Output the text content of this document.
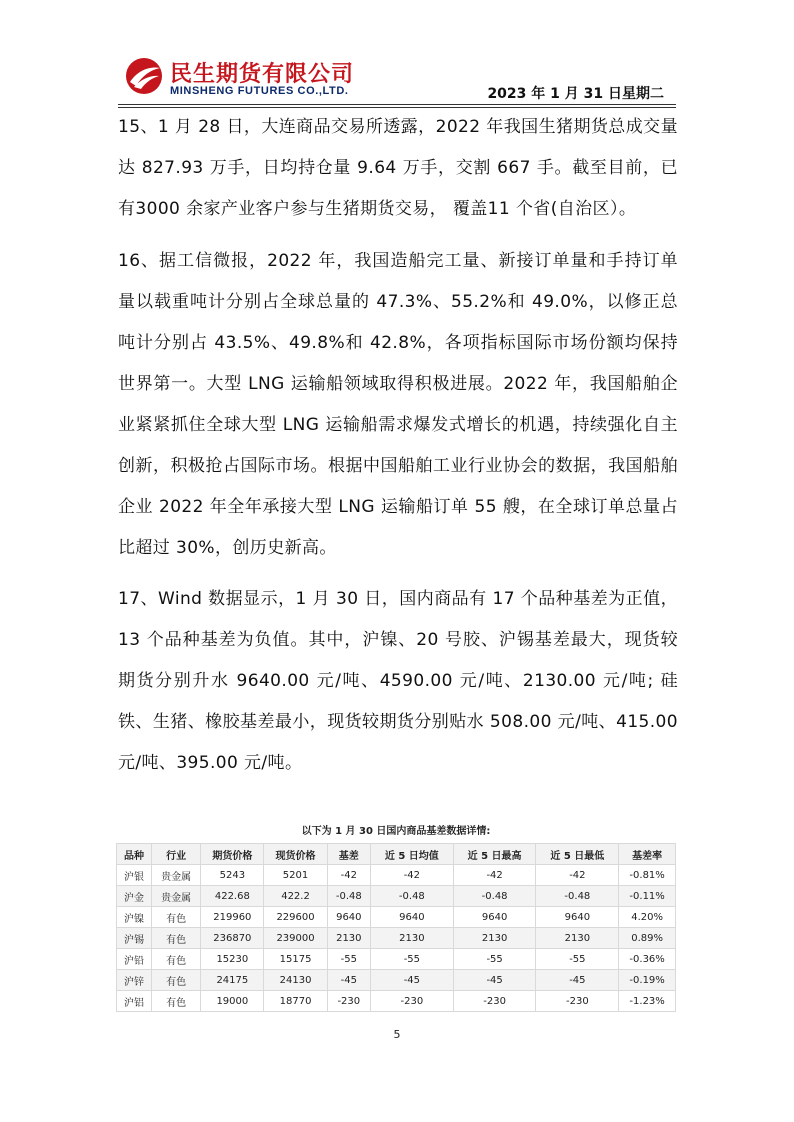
民生期货有限公司
MINSHENG FUTURES CO.,LTD.	2023 年 1 月 31 日星期二
15、1 月 28 日，大连商品交易所透露，2022 年我国生猪期货总成交量达 827.93 万手，日均持仓量 9.64 万手，交割 667 手。截至目前，已有3000 余家产业客户参与生猪期货交易， 覆盖11 个省(自治区）。
16、据工信微报，2022 年，我国造船完工量、新接订单量和手持订单量以载重吨计分别占全球总量的 47.3%、55.2%和 49.0%，以修正总吨计分别占 43.5%、49.8%和 42.8%，各项指标国际市场份额均保持世界第一。大型 LNG 运输船领域取得积极进展。2022 年，我国船舶企业紧紧抓住全球大型 LNG 运输船需求爆发式增长的机遇，持续强化自主创新，积极抢占国际市场。根据中国船舶工业行业协会的数据，我国船舶企业 2022 年全年承接大型 LNG 运输船订单 55 艘，在全球订单总量占比超过 30%，创历史新高。
17、Wind 数据显示，1 月 30 日，国内商品有 17 个品种基差为正值，13 个品种基差为负值。其中，沪镍、20 号胶、沪锡基差最大，现货较期货分别升水 9640.00 元/吨、4590.00 元/吨、2130.00 元/吨; 硅铁、生猪、橡胶基差最小，现货较期货分别贴水 508.00 元/吨、415.00 元/吨、395.00 元/吨。
以下为 1 月 30 日国内商品基差数据详情:
品种	行业	期货价格	现货价格	基差	近 5 日均值	近 5 日最高	近 5 日最低	基差率
沪银	贵金属	5243	5201	-42	-42	-42	-42	-0.81%
沪金	贵金属	422.68	422.2	-0.48	-0.48	-0.48	-0.48	-0.11%
沪镍	有色	219960	229600	9640	9640	9640	9640	4.20%
沪锡	有色	236870	239000	2130	2130	2130	2130	0.89%
沪铅	有色	15230	15175	-55	-55	-55	-55	-0.36%
沪锌	有色	24175	24130	-45	-45	-45	-45	-0.19%
沪铝	有色	19000	18770	-230	-230	-230	-230	-1.23%
5
